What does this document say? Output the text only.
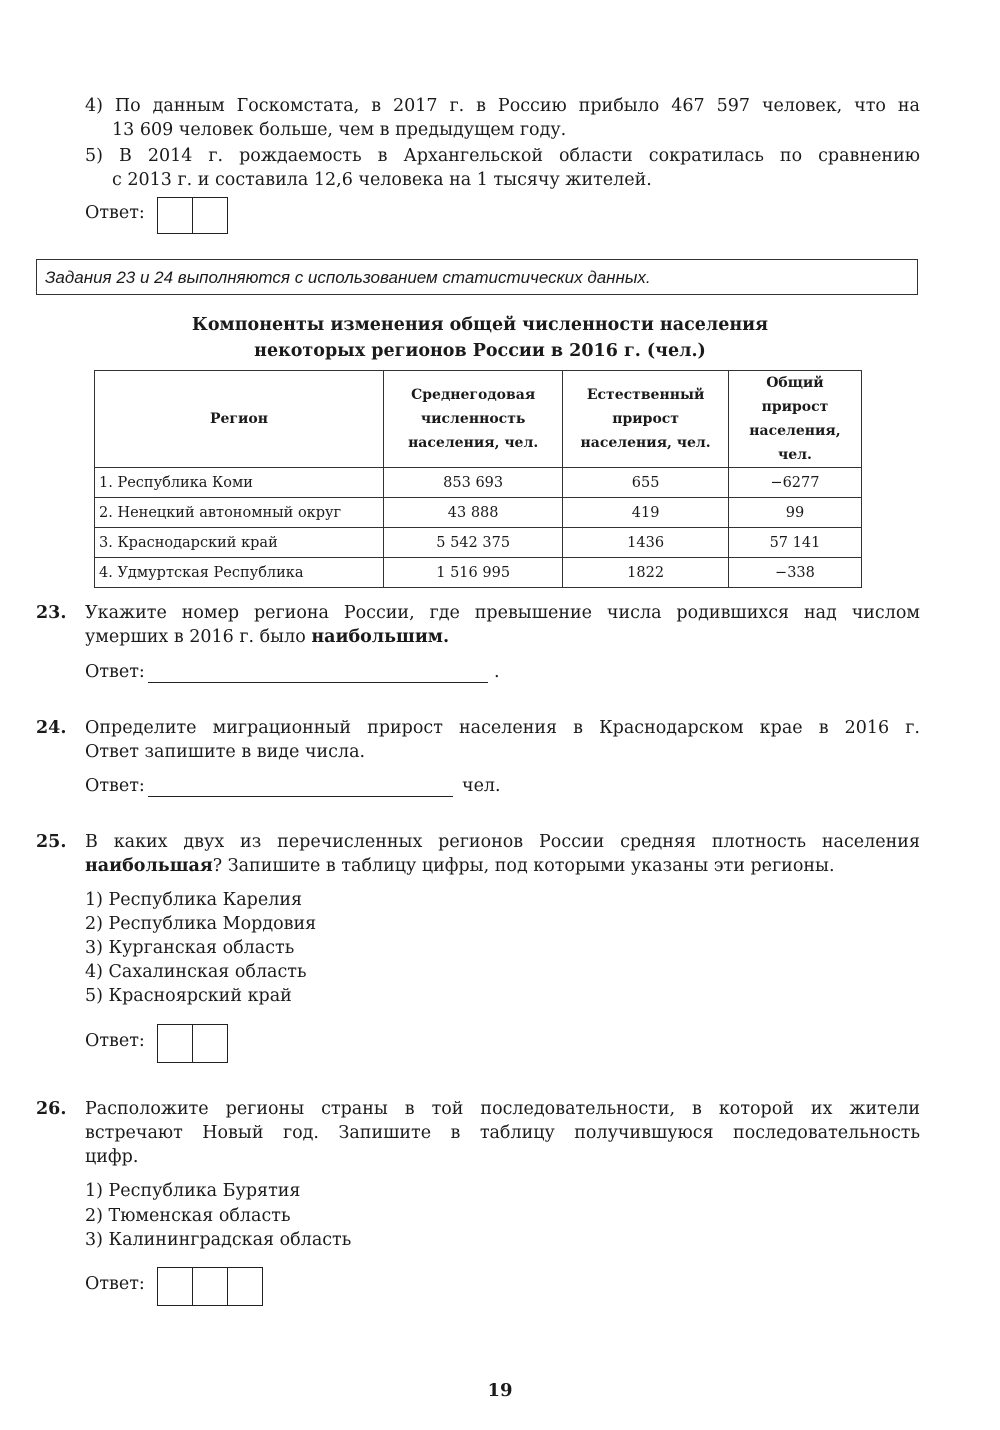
4) По данным Госкомстата, в 2017 г. в Россию прибыло 467 597 человек, что на
13 609 человек больше, чем в предыдущем году.
5) В 2014 г. рождаемость в Архангельской области сократилась по сравнению
с 2013 г. и составила 12,6 человека на 1 тысячу жителей.
Ответ:
Задания 23 и 24 выполняются с использованием статистических данных.
Компоненты изменения общей численности населения
некоторых регионов России в 2016 г. (чел.)
Регион	Среднегодовая численность населения, чел.	Естественный прирост населения, чел.	Общий прирост населения, чел.
1. Республика Коми	853 693	655	−6277
2. Ненецкий автономный округ	43 888	419	99
3. Краснодарский край	5 542 375	1436	57 141
4. Удмуртская Республика	1 516 995	1822	−338
23. Укажите номер региона России, где превышение числа родившихся над числом
умерших в 2016 г. было наибольшим.
Ответ:	.
24. Определите миграционный прирост населения в Краснодарском крае в 2016 г.
Ответ запишите в виде числа.
Ответ:	чел.
25. В каких двух из перечисленных регионов России средняя плотность населения
наибольшая? Запишите в таблицу цифры, под которыми указаны эти регионы.
1) Республика Карелия
2) Республика Мордовия
3) Курганская область
4) Сахалинская область
5) Красноярский край
Ответ:
26. Расположите регионы страны в той последовательности, в которой их жители
встречают Новый год. Запишите в таблицу получившуюся последовательность
цифр.
1) Республика Бурятия
2) Тюменская область
3) Калининградская область
Ответ:
19
